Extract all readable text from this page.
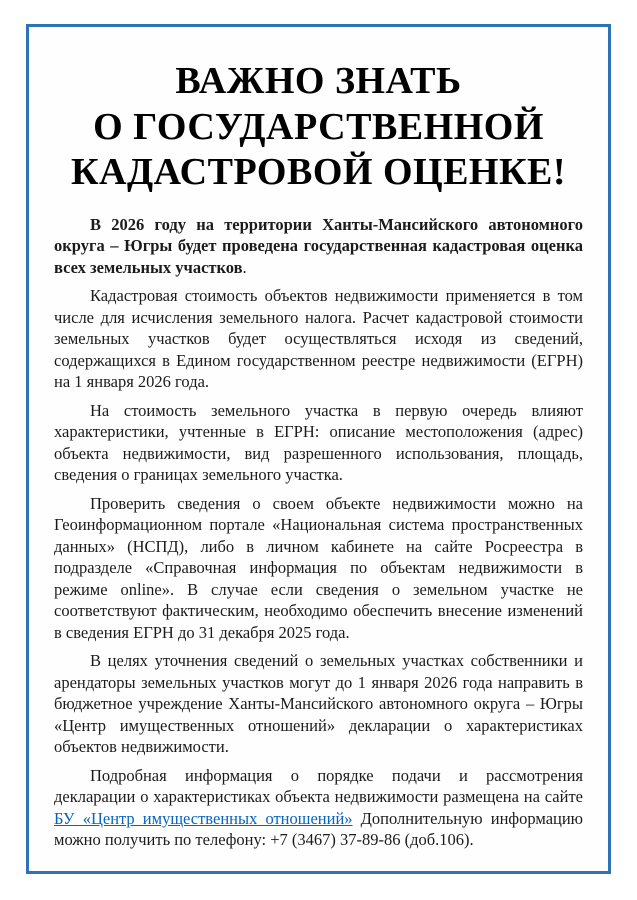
ВАЖНО ЗНАТЬ
О ГОСУДАРСТВЕННОЙ
КАДАСТРОВОЙ ОЦЕНКЕ!

В 2026 году на территории Ханты-Мансийского автономного округа – Югры будет проведена государственная кадастровая оценка всех земельных участков.

Кадастровая стоимость объектов недвижимости применяется в том числе для исчисления земельного налога. Расчет кадастровой стоимости земельных участков будет осуществляться исходя из сведений, содержащихся в Едином государственном реестре недвижимости (ЕГРН) на 1 января 2026 года.

На стоимость земельного участка в первую очередь влияют характеристики, учтенные в ЕГРН: описание местоположения (адрес) объекта недвижимости, вид разрешенного использования, площадь, сведения о границах земельного участка.

Проверить сведения о своем объекте недвижимости можно на Геоинформационном портале «Национальная система пространственных данных» (НСПД), либо в личном кабинете на сайте Росреестра в подразделе «Справочная информация по объектам недвижимости в режиме online». В случае если сведения о земельном участке не соответствуют фактическим, необходимо обеспечить внесение изменений в сведения ЕГРН до 31 декабря 2025 года.

В целях уточнения сведений о земельных участках собственники и арендаторы земельных участков могут до 1 января 2026 года направить в бюджетное учреждение Ханты-Мансийского автономного округа – Югры «Центр имущественных отношений» декларации о характеристиках объектов недвижимости.

Подробная информация о порядке подачи и рассмотрения декларации о характеристиках объекта недвижимости размещена на сайте БУ «Центр имущественных отношений» Дополнительную информацию можно получить по телефону: +7 (3467) 37-89-86 (доб.106).
